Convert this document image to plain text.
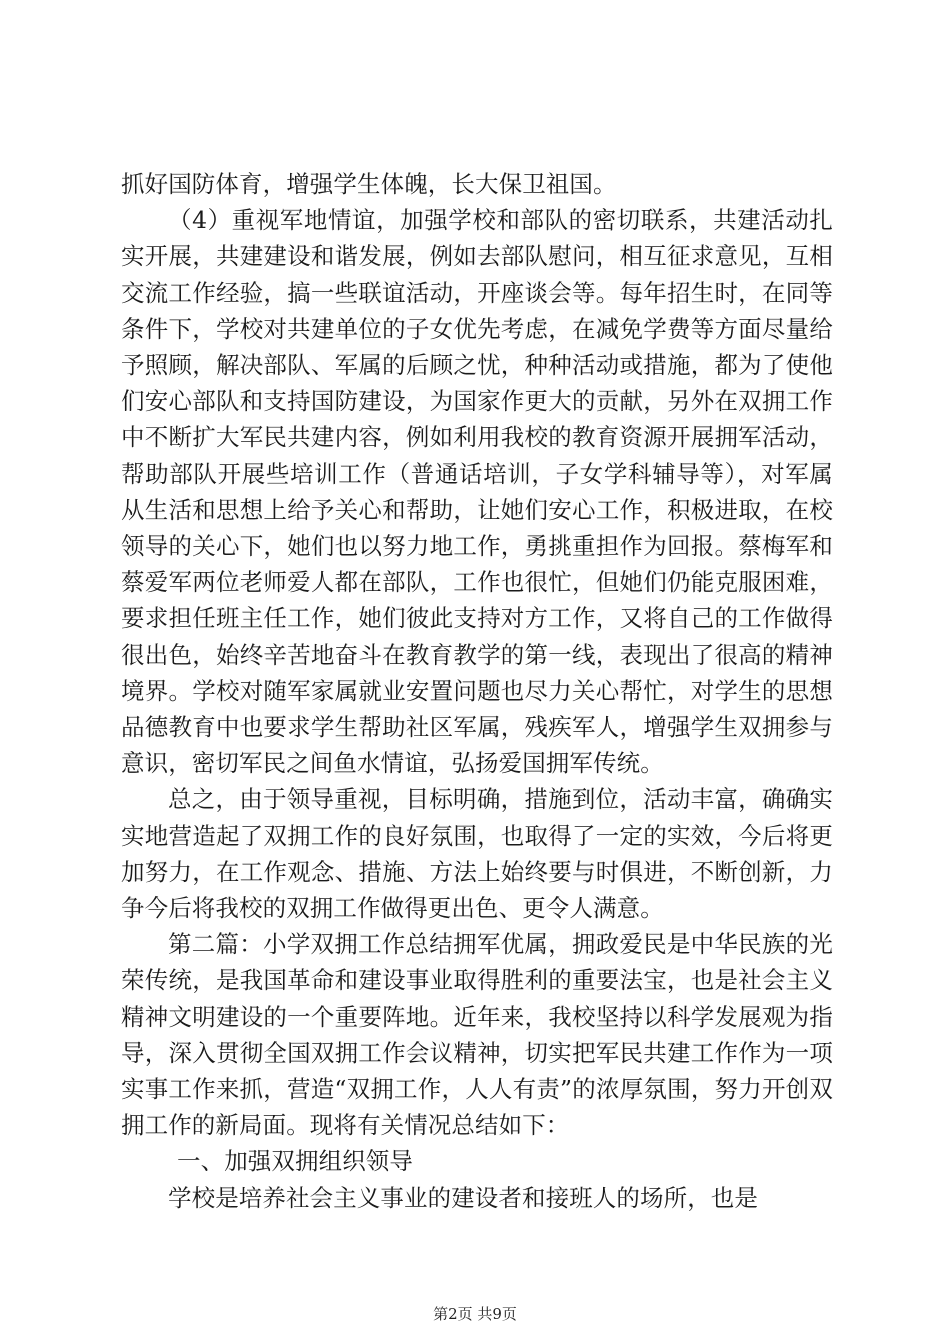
抓好国防体育，增强学生体魄，长大保卫祖国。

（4）重视军地情谊，加强学校和部队的密切联系，共建活动扎实开展，共建建设和谐发展，例如去部队慰问，相互征求意见，互相交流工作经验，搞一些联谊活动，开座谈会等。每年招生时，在同等条件下，学校对共建单位的子女优先考虑，在减免学费等方面尽量给予照顾，解决部队、军属的后顾之忧，种种活动或措施，都为了使他们安心部队和支持国防建设，为国家作更大的贡献，另外在双拥工作中不断扩大军民共建内容，例如利用我校的教育资源开展拥军活动，帮助部队开展些培训工作（普通话培训，子女学科辅导等），对军属从生活和思想上给予关心和帮助，让她们安心工作，积极进取，在校领导的关心下，她们也以努力地工作，勇挑重担作为回报。蔡梅军和蔡爱军两位老师爱人都在部队，工作也很忙，但她们仍能克服困难，要求担任班主任工作，她们彼此支持对方工作，又将自己的工作做得很出色，始终辛苦地奋斗在教育教学的第一线，表现出了很高的精神境界。学校对随军家属就业安置问题也尽力关心帮忙，对学生的思想品德教育中也要求学生帮助社区军属，残疾军人，增强学生双拥参与意识，密切军民之间鱼水情谊，弘扬爱国拥军传统。

总之，由于领导重视，目标明确，措施到位，活动丰富，确确实实地营造起了双拥工作的良好氛围，也取得了一定的实效，今后将更加努力，在工作观念、措施、方法上始终要与时俱进，不断创新，力争今后将我校的双拥工作做得更出色、更令人满意。

第二篇：小学双拥工作总结拥军优属，拥政爱民是中华民族的光荣传统，是我国革命和建设事业取得胜利的重要法宝，也是社会主义精神文明建设的一个重要阵地。近年来，我校坚持以科学发展观为指导，深入贯彻全国双拥工作会议精神，切实把军民共建工作作为一项实事工作来抓，营造“双拥工作，人人有责”的浓厚氛围，努力开创双拥工作的新局面。现将有关情况总结如下：

一、加强双拥组织领导

学校是培养社会主义事业的建设者和接班人的场所，也是

第2页 共9页
